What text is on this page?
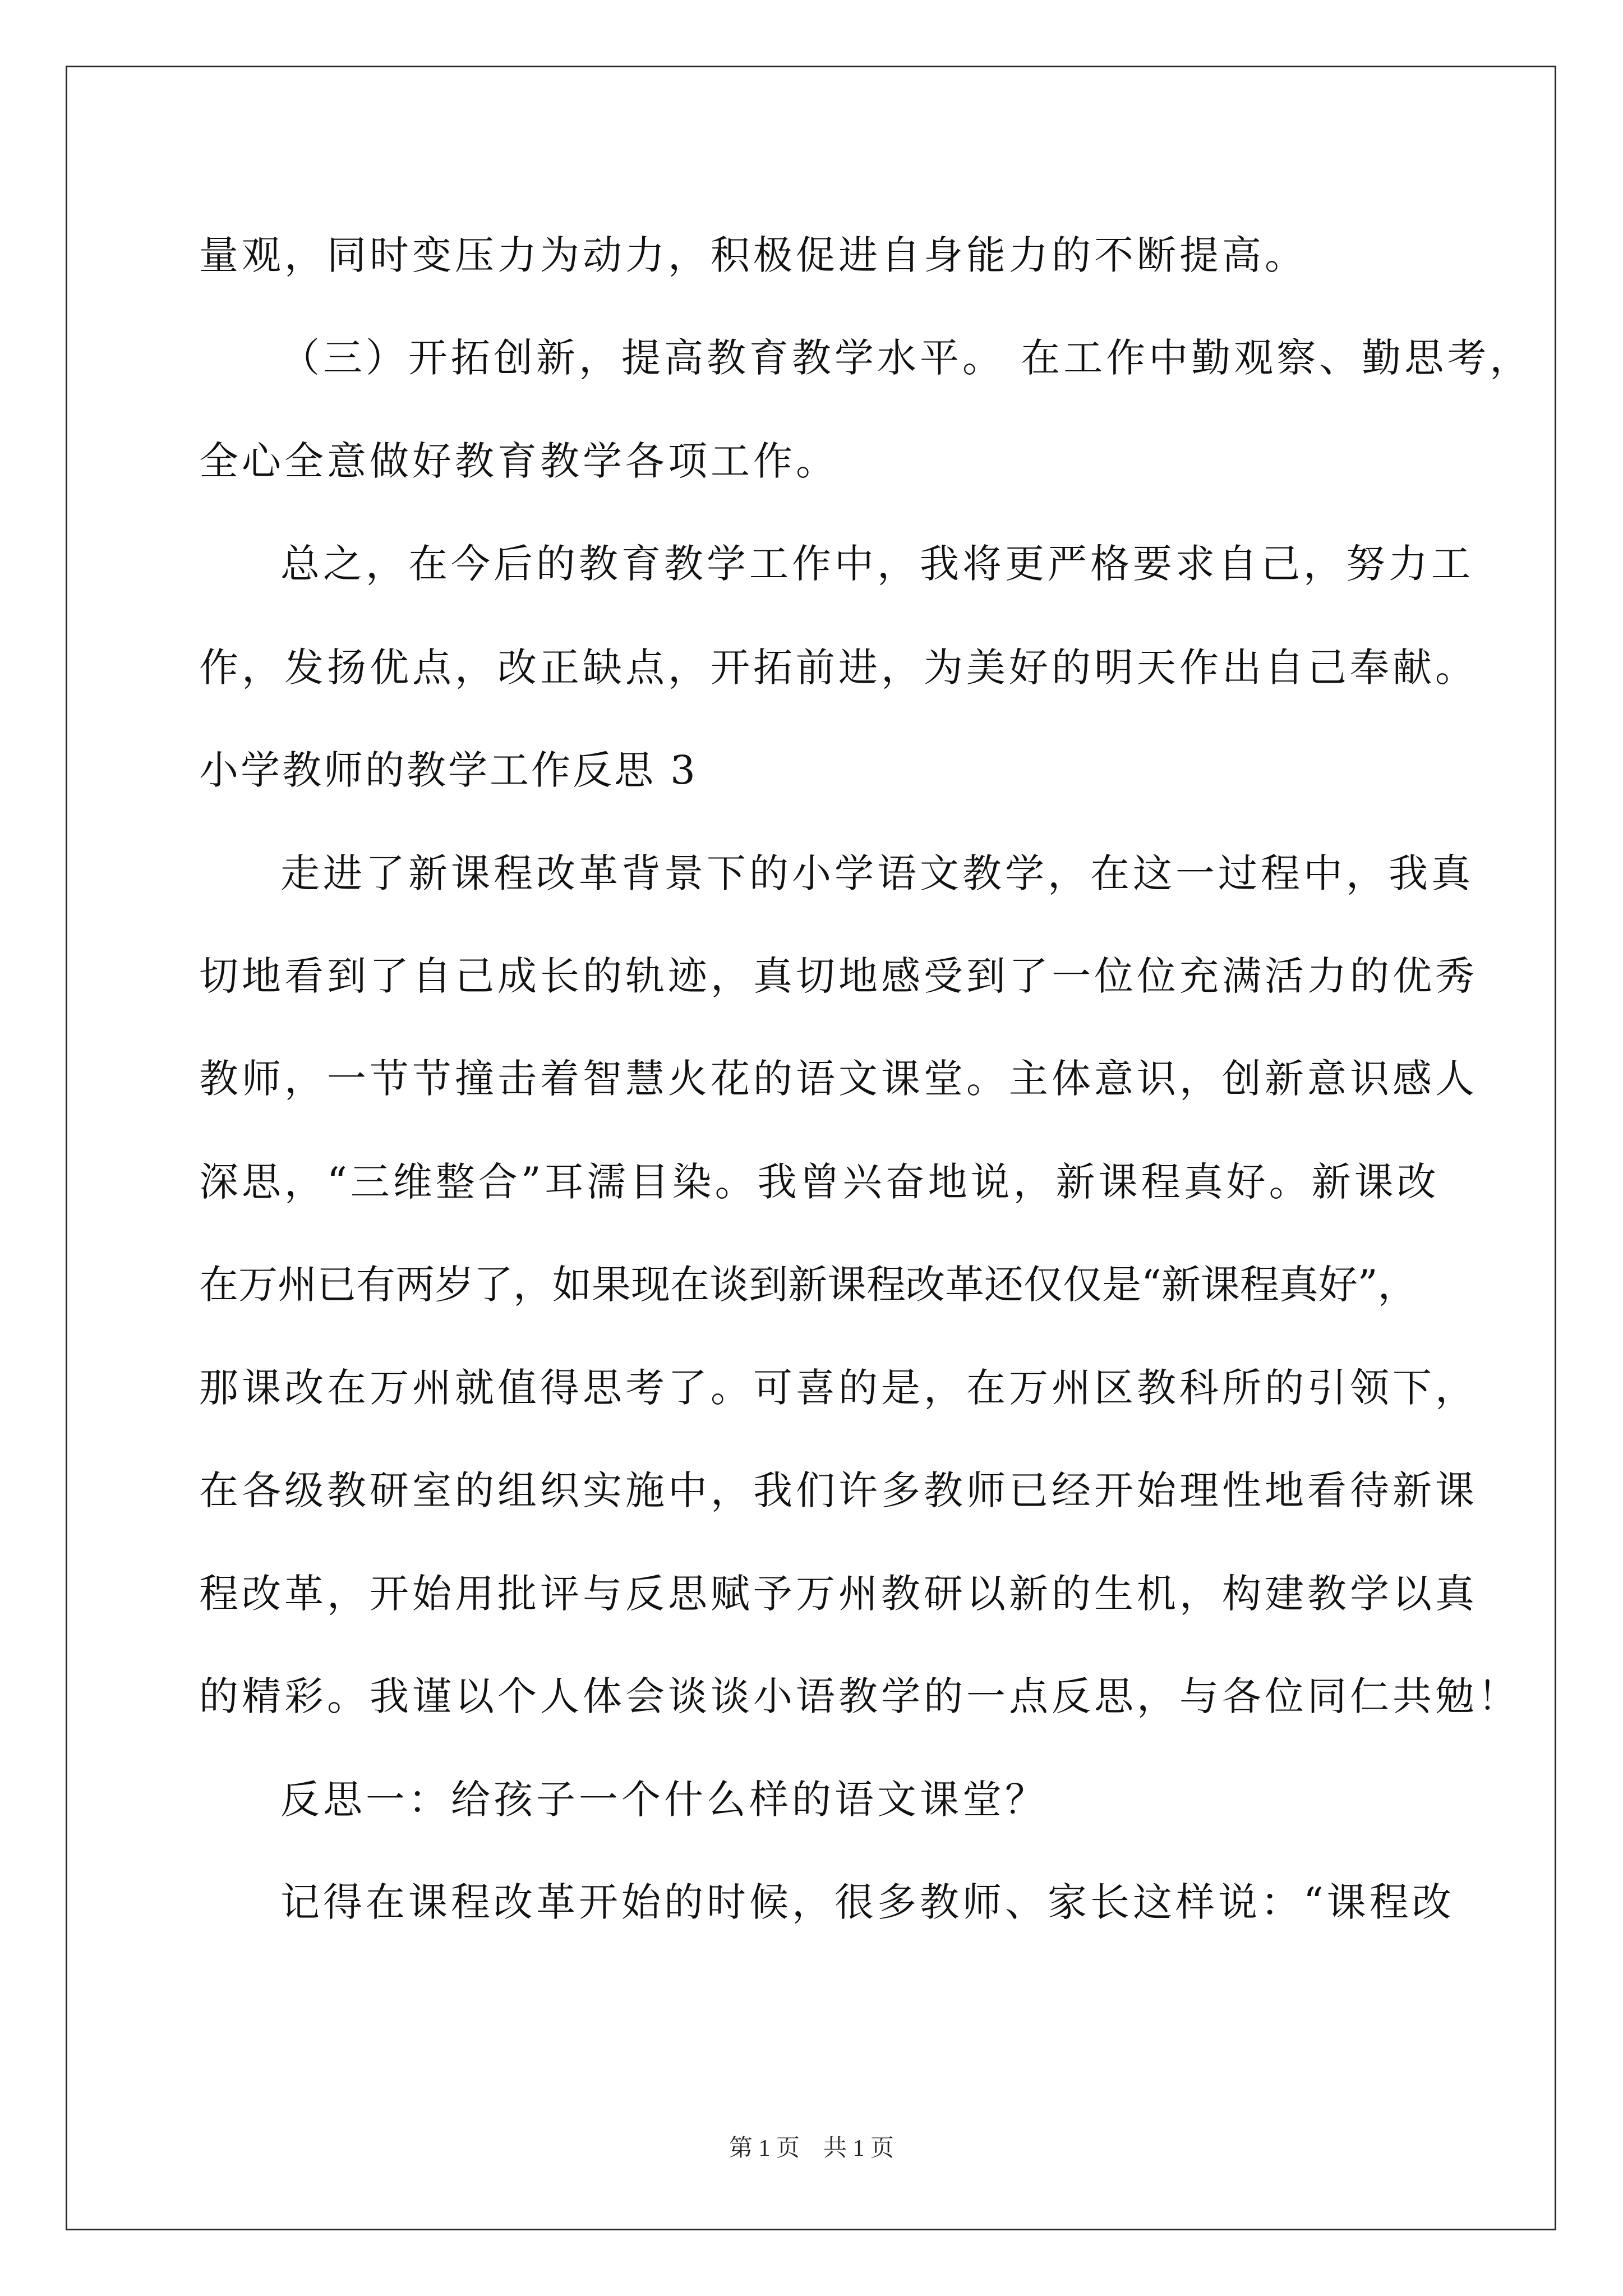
量观，同时变压力为动力，积极促进自身能力的不断提高。
（三）开拓创新，提高教育教学水平。 在工作中勤观察、勤思考，
全心全意做好教育教学各项工作。
总之，在今后的教育教学工作中，我将更严格要求自己，努力工
作，发扬优点，改正缺点，开拓前进，为美好的明天作出自己奉献。
小学教师的教学工作反思 3
走进了新课程改革背景下的小学语文教学，在这一过程中，我真
切地看到了自己成长的轨迹，真切地感受到了一位位充满活力的优秀
教师，一节节撞击着智慧火花的语文课堂。主体意识，创新意识感人
深思，“三维整合”耳濡目染。我曾兴奋地说，新课程真好。新课改
在万州已有两岁了，如果现在谈到新课程改革还仅仅是“新课程真好”，
那课改在万州就值得思考了。可喜的是，在万州区教科所的引领下，
在各级教研室的组织实施中，我们许多教师已经开始理性地看待新课
程改革，开始用批评与反思赋予万州教研以新的生机，构建教学以真
的精彩。我谨以个人体会谈谈小语教学的一点反思，与各位同仁共勉！
反思一：给孩子一个什么样的语文课堂？
记得在课程改革开始的时候，很多教师、家长这样说：“课程改
第 1 页　共 1 页
